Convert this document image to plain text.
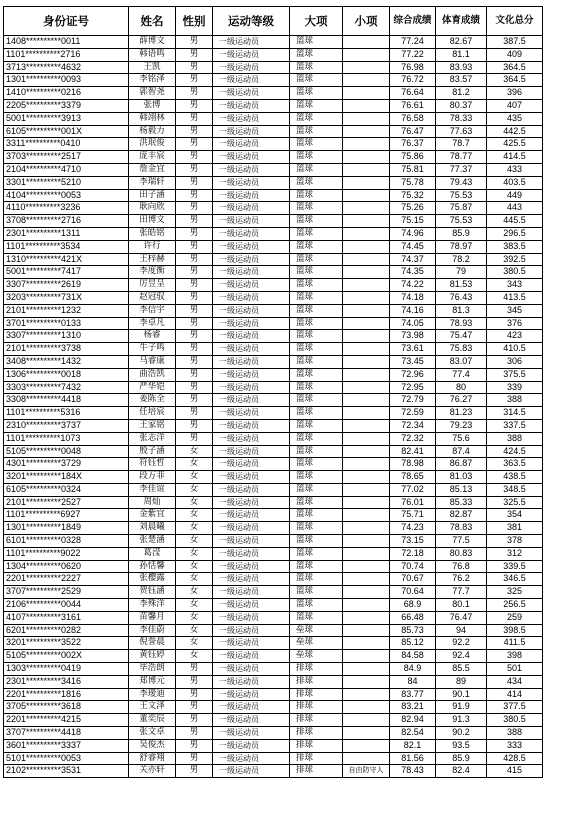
身份证号	姓名	性别	运动等级	大项	小项	综合成绩	体育成绩	文化总分
1408**********0011	薛博文	男	一级运动员	篮球		77.24	82.67	387.5
1101**********2716	韩语鸣	男	一级运动员	篮球		77.22	81.1	409
3713**********4632	王凯	男	一级运动员	篮球		76.98	83.93	364.5
1301**********0093	李铭泽	男	一级运动员	篮球		76.72	83.57	364.5
1410**********0216	郭智尧	男	一级运动员	篮球		76.64	81.2	396
2205**********3379	张博	男	一级运动员	篮球		76.61	80.37	407
5001**********3913	韩翊林	男	一级运动员	篮球		76.58	78.33	435
6105**********001X	杨毅力	男	一级运动员	篮球		76.47	77.63	442.5
3311**********0410	洪珉俊	男	一级运动员	篮球		76.37	78.7	425.5
3703**********2517	庞丰宸	男	一级运动员	篮球		75.86	78.77	414.5
2104**********4710	詹金宜	男	一级运动员	篮球		75.81	77.37	433
3301**********5210	李瑞轩	男	一级运动员	篮球		75.78	79.43	403.5
4104**********0053	田子涵	男	一级运动员	篮球		75.32	75.53	449
4110**********3236	耿向欣	男	一级运动员	篮球		75.26	75.87	443
3708**********2716	田博文	男	一级运动员	篮球		75.15	75.53	445.5
2301**********1311	张皓铭	男	一级运动员	篮球		74.96	85.9	296.5
1101**********3534	许行	男	一级运动员	篮球		74.45	78.97	383.5
1310**********421X	王梓赫	男	一级运动员	篮球		74.37	78.2	392.5
5001**********7417	李度衡	男	一级运动员	篮球		74.35	79	380.5
3307**********2619	厉昱呈	男	一级运动员	篮球		74.22	81.53	343
3203**********731X	赵冠驭	男	一级运动员	篮球		74.18	76.43	413.5
2101**********1232	李信宇	男	一级运动员	篮球		74.16	81.3	345
3701**********0133	李卓凡	男	一级运动员	篮球		74.05	78.93	376
3307**********1310	杨睿	男	一级运动员	篮球		73.98	75.47	423
2101**********3738	牛子鸣	男	一级运动员	篮球		73.61	75.83	410.5
3408**********1432	马睿康	男	一级运动员	篮球		73.45	83.07	306
1306**********0018	曲浩凯	男	一级运动员	篮球		72.96	77.4	375.5
3303**********7432	严华铠	男	一级运动员	篮球		72.95	80	339
3308**********4418	姜陈全	男	一级运动员	篮球		72.79	76.27	388
1101**********5316	任培宸	男	一级运动员	篮球		72.59	81.23	314.5
2310**********3737	王家铭	男	一级运动员	篮球		72.34	79.23	337.5
1101**********1073	张志洋	男	一级运动员	篮球		72.32	75.6	388
5105**********0048	殷子涵	女	一级运动员	篮球		82.41	87.4	424.5
4301**********3729	符钰哲	女	一级运动员	篮球		78.98	86.87	363.5
3201**********184X	段万菲	女	一级运动员	篮球		78.65	81.03	438.5
6105**********0324	李佳谊	女	一级运动员	篮球		77.02	85.13	348.5
2101**********2527	周灿	女	一级运动员	篮球		76.01	85.33	325.5
1101**********6927	金紫宜	女	一级运动员	篮球		75.71	82.87	354
1301**********1849	刘晨曦	女	一级运动员	篮球		74.23	78.83	381
6101**********0328	张楚涵	女	一级运动员	篮球		73.15	77.5	378
1101**********9022	葛滢	女	一级运动员	篮球		72.18	80.83	312
1304**********0620	孙恬馨	女	一级运动员	篮球		70.74	76.8	339.5
2201**********2227	张樱露	女	一级运动员	篮球		70.67	76.2	346.5
3707**********2529	贺钰涵	女	一级运动员	篮球		70.64	77.7	325
2106**********0044	李殊洋	女	一级运动员	篮球		68.9	80.1	256.5
4107**********3161	苗馨月	女	一级运动员	篮球		66.48	76.47	259
6201**********0282	李佳蔚	女	一级运动员	垒球		85.73	94	398.5
3201**********3522	倪誉晨	女	一级运动员	垒球		85.12	92.2	411.5
5105**********002X	黄钰婷	女	一级运动员	垒球		84.58	92.4	398
1303**********0419	毕浩朗	男	一级运动员	排球		84.9	85.5	501
2301**********3416	郑博元	男	一级运动员	排球		84	89	434
2201**********1816	李瑷迪	男	一级运动员	排球		83.77	90.1	414
3705**********3618	王文泽	男	一级运动员	排球		83.21	91.9	377.5
2201**********4215	董奕辰	男	一级运动员	排球		82.94	91.3	380.5
3707**********4418	张文卓	男	一级运动员	排球		82.54	90.2	388
3601**********3337	吴俊杰	男	一级运动员	排球		82.1	93.5	333
5101**********0053	舒睿翔	男	一级运动员	排球		81.56	85.9	428.5
2102**********3531	关亦轩	男	一级运动员	排球	自由防守人	78.43	82.4	415
